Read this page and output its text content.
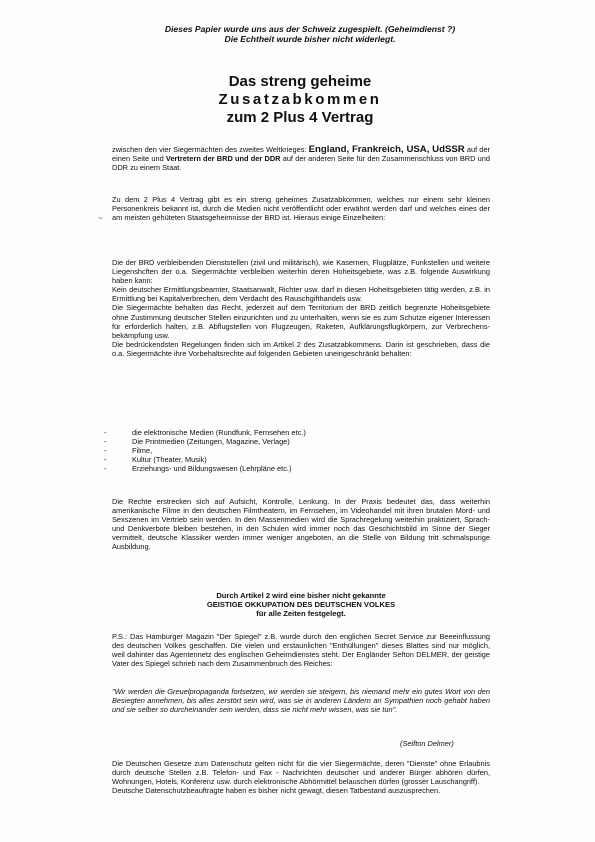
Dieses Papier wurde uns aus der Schweiz zugespielt. (Geheimdienst ?)
Die Echtheit wurde bisher nicht widerlegt.
Das streng geheime
Zusatzabkommen
zum 2 Plus 4 Vertrag

zwischen den vier Siegermächten des zweites Weltkrieges: England, Frankreich, USA, UdSSR auf der einen Seite und Vertretern der BRD und der DDR auf der anderen Seite für den Zusammenschluss von BRD und DDR zu einem Staat.

~
Zu dem 2 Plus 4 Vertrag gibt es ein streng geheimes Zusatzabkommen, welches nur einem sehr kleinen Personenkreis bekannt ist, durch die Medien nicht veröffentlicht oder erwähnt werden darf und welches eines der am meisten gehüteten Staatsgeheimnisse der BRD ist. Hieraus einige Einzelheiten:

Die der BRD verbleibenden Dienststellen (zivil und militärisch), wie Kasernen, Flugplätze, Funkstellen und weitere Liegenshcften der o.a. Siegermächte verbleiben weiterhin deren Hoheitsgebiete, was z.B. folgende Auswirkung haben kann:

Kein deutscher Ermittlungsbeamter, Staatsanwalt, Richter usw. darf in diesen Hoheitsgebieten tätig werden, z.B. in Ermittlung bei Kapitalverbrechen, dem Verdacht des Rauschgifthandels usw.

Die Siegermächte behalten das Recht, jederzeit auf dem Territorium der BRD zeitlich begrenzte Hoheitsgebiete ohne Zustimmung deutscher Stellen einzurichten und zu unterhalten, wenn sie es zum Schutze eigener Interessen für erforderlich halten, z.B. Abflugstellen von Flugzeugen, Raketen, Aufklärungsflugkörpern, zur Verbrechens-bekämpfung usw.

Die bedrückendsten Regelungen finden sich im Artikel 2 des Zusatzabkommens. Darin ist geschrieben, dass die o.a. Siegermächte ihre Vorbehaltsrechte auf folgenden Gebieten uneingeschränkt behalten:

-	die elektronische Medien (Rundfunk, Fernsehen etc.)
-	Die Printmedien (Zeitungen, Magazine, Verlage)
-	Filme,
-	Kultur (Theater, Musik)
-	Erziehungs- und Bildungswesen (Lehrpläne etc.)
Die Rechte erstrecken sich auf Aufsicht, Kontrolle, Lenkung. In der Praxis bedeutet das, dass weiterhin amerikanische Filme in den deutschen Filmtheatern, im Fernsehen, im Videohandel mit ihren brutalen Mord- und Sexszenen im Vertrieb sein werden. In den Massenmedien wird die Sprachregelung weiterhin praktiziert, Sprach- und Denkverbote bleiben bestehen, in den Schulen wird immer noch das Geschichtsbild im Sinne der Sieger vermittelt, deutsche Klassiker werden immer weniger angeboten, an die Stelle von Bildung tritt schmalspurige Ausbildung.
Durch Artikel 2 wird eine bisher nicht gekannte
GEISTIGE OKKUPATION DES DEUTSCHEN VOLKES
für alle Zeiten festgelegt.
P.S.: Das Hamburger Magazin "Der Spiegel" z.B. wurde durch den englichen Secret Service zur Beeeinflussung des deutschen Volkes geschaffen. Die vielen und erstaunlichen "Enthüllungen" dieses Blattes sind nur möglich, weil dahinter das Agentennetz des englischen Geheimdienstes steht. Der Engländer Sefton DELMER, der geistige Vater des Spiegel schrieb nach dem Zusammenbruch des Reiches:
"Wir werden die Greuelpropaganda fortsetzen, wir werden sie steigern, bis niemand mehr ein gutes Wort von den Besiegten annehmen, bis alles zerstört sein wird, was sie in anderen Ländern an Sympathien noch gehabt haben und sie selber so durcheinander sein werden, dass sie nicht mehr wissen, was sie tun".
(Seifton Delmer)

Die Deutschen Gesetze zum Datenschutz gelten nicht für die vier Siegermächte, deren "Dienste" ohne Erlaubnis durch deutsche Stellen z.B. Telefon- und Fax - Nachrichten deutscher und anderer Bürger abhören dürfen, Wohnungen, Hotels, Konferenz usw. durch elektronische Abhörmittel belauschen dürfen (grosser Lauschangriff).

Deutsche Datenschutzbeauftragte haben es bisher nicht gewagt, diesen Tatbestand auszusprechen.
